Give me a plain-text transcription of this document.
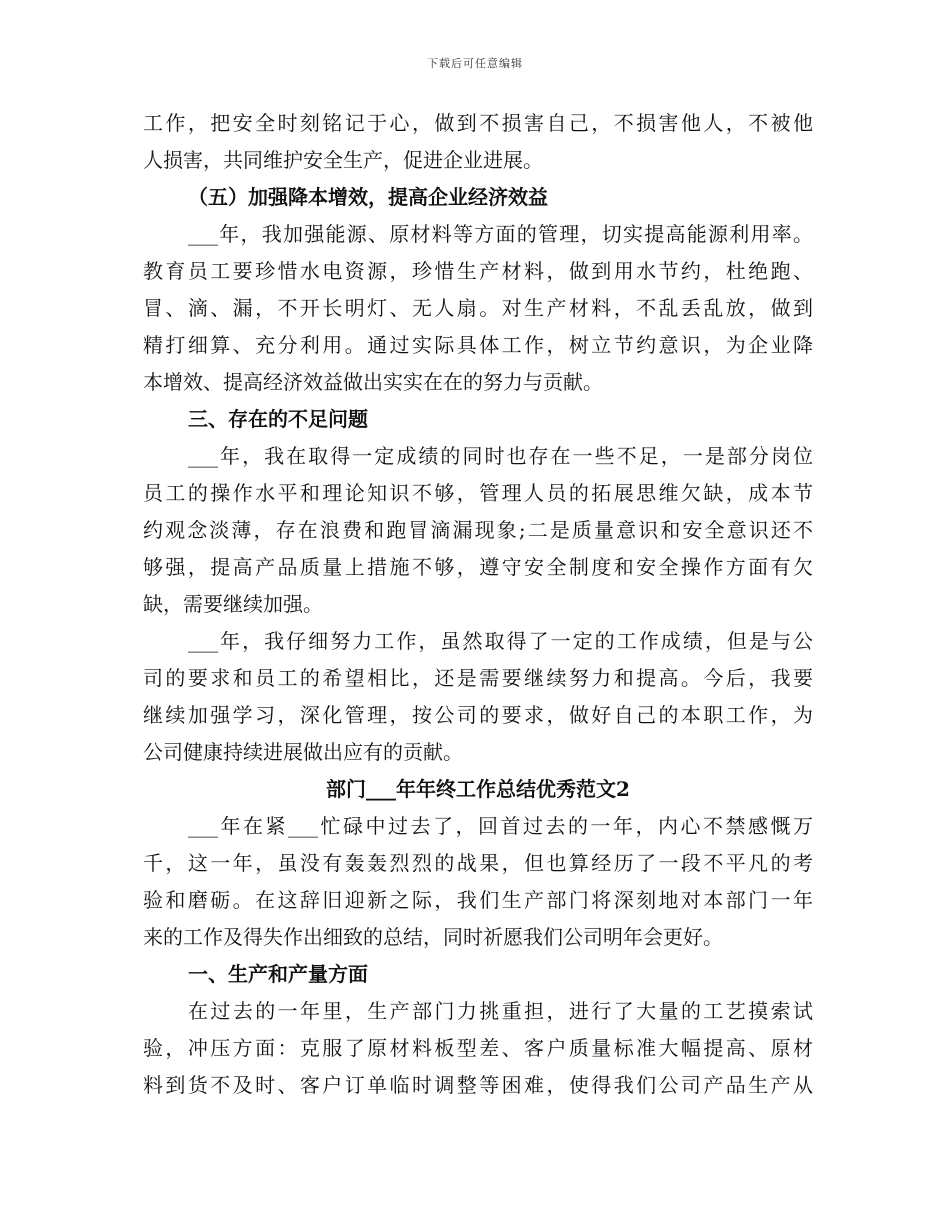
下载后可任意编辑
工作，把安全时刻铭记于心，做到不损害自己，不损害他人，不被他
人损害，共同维护安全生产，促进企业进展。
（五）加强降本增效，提高企业经济效益
___年，我加强能源、原材料等方面的管理，切实提高能源利用率。
教育员工要珍惜水电资源，珍惜生产材料，做到用水节约，杜绝跑、
冒、滴、漏，不开长明灯、无人扇。对生产材料，不乱丢乱放，做到
精打细算、充分利用。通过实际具体工作，树立节约意识，为企业降
本增效、提高经济效益做出实实在在的努力与贡献。
三、存在的不足问题
___年，我在取得一定成绩的同时也存在一些不足，一是部分岗位
员工的操作水平和理论知识不够，管理人员的拓展思维欠缺，成本节
约观念淡薄，存在浪费和跑冒滴漏现象;二是质量意识和安全意识还不
够强，提高产品质量上措施不够，遵守安全制度和安全操作方面有欠
缺，需要继续加强。
___年，我仔细努力工作，虽然取得了一定的工作成绩，但是与公
司的要求和员工的希望相比，还是需要继续努力和提高。今后，我要
继续加强学习，深化管理，按公司的要求，做好自己的本职工作，为
公司健康持续进展做出应有的贡献。
部门___年年终工作总结优秀范文2
___年在紧___忙碌中过去了，回首过去的一年，内心不禁感慨万
千，这一年，虽没有轰轰烈烈的战果，但也算经历了一段不平凡的考
验和磨砺。在这辞旧迎新之际，我们生产部门将深刻地对本部门一年
来的工作及得失作出细致的总结，同时祈愿我们公司明年会更好。
一、生产和产量方面
在过去的一年里，生产部门力挑重担，进行了大量的工艺摸索试
验，冲压方面：克服了原材料板型差、客户质量标准大幅提高、原材
料到货不及时、客户订单临时调整等困难，使得我们公司产品生产从
